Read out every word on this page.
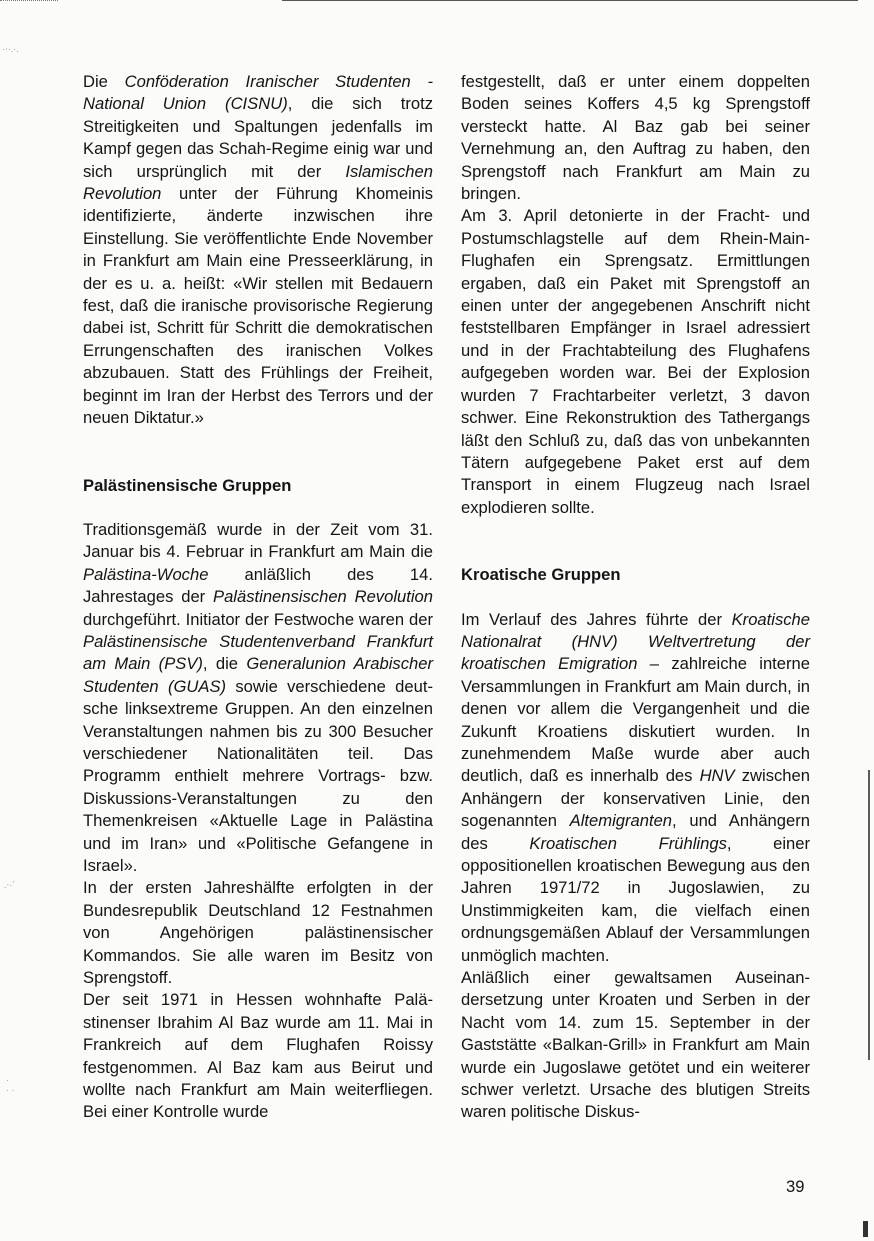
·‧·.·.
.‧·´
·
· ·

Die Conföderation Iranischer Studenten - National Union (CISNU), die sich trotz Streitigkeiten und Spaltungen jedenfalls im Kampf gegen das Schah-Regime einig war und sich ursprünglich mit der Islamischen Revolution unter der Führung Khomeinis identifizierte, änderte inzwischen ihre Einstellung. Sie veröffentlichte Ende November in Frankfurt am Main eine Presseerklärung, in der es u. a. heißt: «Wir stellen mit Bedauern fest, daß die iranische provisorische Regierung dabei ist, Schritt für Schritt die demokratischen Errungenschaften des iranischen Volkes abzubauen. Statt des Frühlings der Freiheit, beginnt im Iran der Herbst des Terrors und der neuen Diktatur.»

Palästinensische Gruppen

Traditionsgemäß wurde in der Zeit vom 31. Januar bis 4. Februar in Frankfurt am Main die Palästina-Woche anläßlich des 14. Jahrestages der Palästinensischen Revolution durchgeführt. Initiator der Festwoche waren der Palästinensische Studentenverband Frankfurt am Main (PSV), die Generalunion Arabischer Studenten (GUAS) sowie verschiedene deutsche linksextreme Gruppen. An den einzelnen Veranstaltungen nahmen bis zu 300 Besucher verschiedener Nationalitäten teil. Das Programm enthielt mehrere Vortrags- bzw. Diskussions-Veranstaltungen zu den Themenkreisen «Aktuelle Lage in Palästina und im Iran» und «Politische Gefangene in Israel».

In der ersten Jahreshälfte erfolgten in der Bundesrepublik Deutschland 12 Festnahmen von Angehörigen palästinensischer Kommandos. Sie alle waren im Besitz von Sprengstoff.

Der seit 1971 in Hessen wohnhafte Palästinenser Ibrahim Al Baz wurde am 11. Mai in Frankreich auf dem Flughafen Roissy festgenommen. Al Baz kam aus Beirut und wollte nach Frankfurt am Main weiterfliegen. Bei einer Kontrolle wurde

festgestellt, daß er unter einem doppelten Boden seines Koffers 4,5 kg Sprengstoff versteckt hatte. Al Baz gab bei seiner Vernehmung an, den Auftrag zu haben, den Sprengstoff nach Frankfurt am Main zu bringen.

Am 3. April detonierte in der Fracht- und Postumschlagstelle auf dem Rhein-Main-Flughafen ein Sprengsatz. Ermittlungen ergaben, daß ein Paket mit Sprengstoff an einen unter der angegebenen Anschrift nicht feststellbaren Empfänger in Israel adressiert und in der Frachtabteilung des Flughafens aufgegeben worden war. Bei der Explosion wurden 7 Frachtarbeiter verletzt, 3 davon schwer. Eine Rekonstruktion des Tathergangs läßt den Schluß zu, daß das von unbekannten Tätern aufgegebene Paket erst auf dem Transport in einem Flugzeug nach Israel explodieren sollte.

Kroatische Gruppen

Im Verlauf des Jahres führte der Kroatische Nationalrat (HNV) Weltvertretung der kroatischen Emigration – zahlreiche interne Versammlungen in Frankfurt am Main durch, in denen vor allem die Vergangenheit und die Zukunft Kroatiens diskutiert wurden. In zunehmendem Maße wurde aber auch deutlich, daß es innerhalb des HNV zwischen Anhängern der konservativen Linie, den sogenannten Altemigranten, und Anhängern des Kroatischen Frühlings, einer oppositionellen kroatischen Bewegung aus den Jahren 1971/72 in Jugoslawien, zu Unstimmigkeiten kam, die vielfach einen ordnungsgemäßen Ablauf der Versammlungen unmöglich machten.

Anläßlich einer gewaltsamen Auseinandersetzung unter Kroaten und Serben in der Nacht vom 14. zum 15. September in der Gaststätte «Balkan-Grill» in Frankfurt am Main wurde ein Jugoslawe getötet und ein weiterer schwer verletzt. Ursache des blutigen Streits waren politische Diskus-

39
